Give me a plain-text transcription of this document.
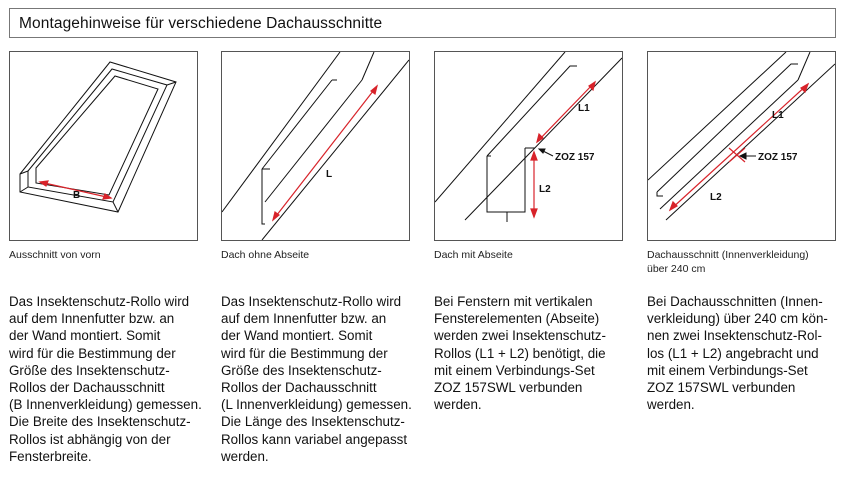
Montagehinweise für verschiedene Dachausschnitte
B
Ausschnitt von vorn
Das Insektenschutz-Rollo wird
auf dem Innenfutter bzw. an
der Wand montiert. Somit
wird für die Bestimmung der
Größe des Insektenschutz-
Rollos der Dachausschnitt
(B Innenverkleidung) gemessen.
Die Breite des Insektenschutz-
Rollos ist abhängig von der
Fensterbreite.
L
Dach ohne Abseite
Das Insektenschutz-Rollo wird
auf dem Innenfutter bzw. an
der Wand montiert. Somit
wird für die Bestimmung der
Größe des Insektenschutz-
Rollos der Dachausschnitt
(L Innenverkleidung) gemessen.
Die Länge des Insektenschutz-
Rollos kann variabel angepasst
werden.
L1
L2
ZOZ 157
Dach mit Abseite
Bei Fenstern mit vertikalen
Fensterelementen (Abseite)
werden zwei Insektenschutz-
Rollos (L1 + L2) benötigt, die
mit einem Verbindungs-Set
ZOZ 157SWL verbunden
werden.
L1
L2
ZOZ 157
Dachausschnitt (Innenverkleidung)
über 240 cm
Bei Dachausschnitten (Innen-
verkleidung) über 240 cm kön-
nen zwei Insektenschutz-Rol-
los (L1 + L2) angebracht und
mit einem Verbindungs-Set
ZOZ 157SWL verbunden
werden.
